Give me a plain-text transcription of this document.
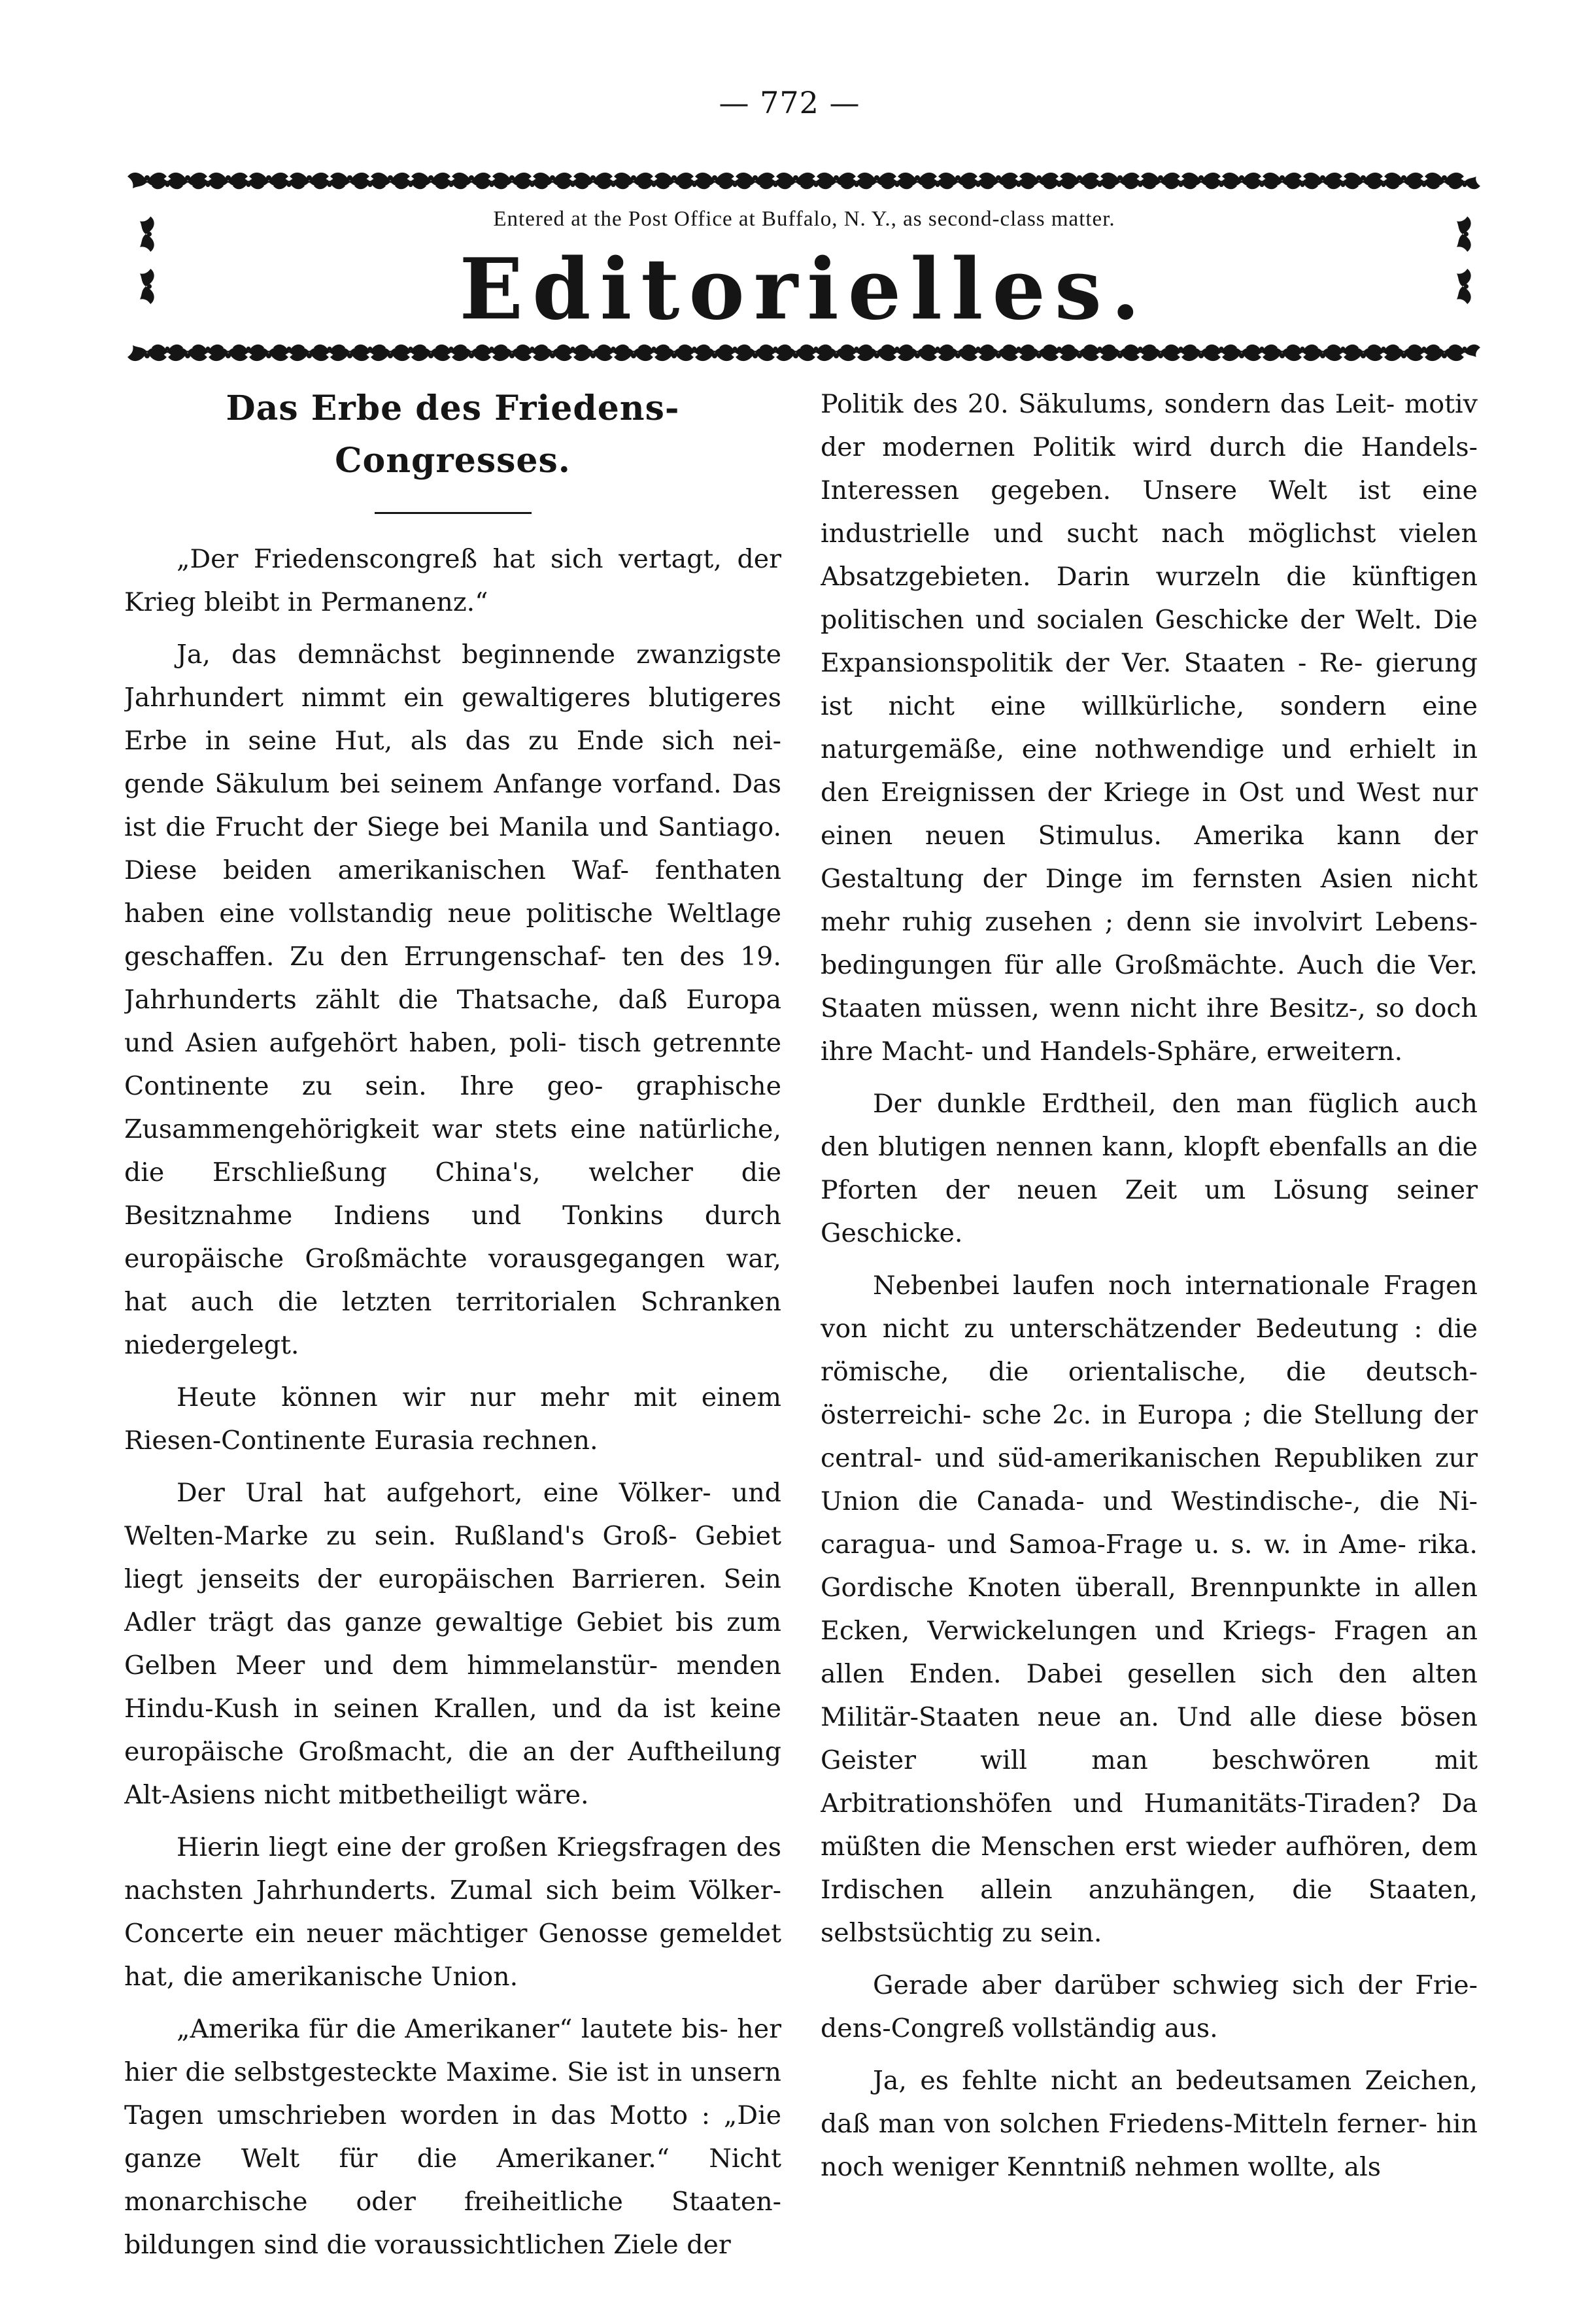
— 772 —
Entered at the Post Office at Buffalo, N. Y., as second-class matter.
Editorielles.
Das Erbe des Friedens-Congresses.

„Der Friedenscongreß hat sich vertagt, der Krieg bleibt in Permanenz.“

Ja, das demnächst beginnende zwanzigste Jahrhundert nimmt ein gewaltigeres blutigeres Erbe in seine Hut, als das zu Ende sich nei- gende Säkulum bei seinem Anfange vorfand. Das ist die Frucht der Siege bei Manila und Santiago. Diese beiden amerikanischen Waf- fenthaten haben eine vollstandig neue politische Weltlage geschaffen. Zu den Errungenschaf- ten des 19. Jahrhunderts zählt die Thatsache, daß Europa und Asien aufgehört haben, poli- tisch getrennte Continente zu sein. Ihre geo- graphische Zusammengehörigkeit war stets eine natürliche, die Erschließung China's, welcher die Besitznahme Indiens und Tonkins durch europäische Großmächte vorausgegangen war, hat auch die letzten territorialen Schranken niedergelegt.

Heute können wir nur mehr mit einem Riesen-Continente Eurasia rechnen.

Der Ural hat aufgehort, eine Völker- und Welten-Marke zu sein. Rußland's Groß- Gebiet liegt jenseits der europäischen Barrieren. Sein Adler trägt das ganze gewaltige Gebiet bis zum Gelben Meer und dem himmelanstür- menden Hindu-Kush in seinen Krallen, und da ist keine europäische Großmacht, die an der Auftheilung Alt-Asiens nicht mitbetheiligt wäre.

Hierin liegt eine der großen Kriegsfragen des nachsten Jahrhunderts. Zumal sich beim Völker-Concerte ein neuer mächtiger Genosse gemeldet hat, die amerikanische Union.

„Amerika für die Amerikaner“ lautete bis- her hier die selbstgesteckte Maxime. Sie ist in unsern Tagen umschrieben worden in das Motto : „Die ganze Welt für die Amerikaner.“ Nicht monarchische oder freiheitliche Staaten- bildungen sind die voraussichtlichen Ziele der

Politik des 20. Säkulums, sondern das Leit- motiv der modernen Politik wird durch die Handels-Interessen gegeben. Unsere Welt ist eine industrielle und sucht nach möglichst vielen Absatzgebieten. Darin wurzeln die künftigen politischen und socialen Geschicke der Welt. Die Expansionspolitik der Ver. Staaten - Re- gierung ist nicht eine willkürliche, sondern eine naturgemäße, eine nothwendige und erhielt in den Ereignissen der Kriege in Ost und West nur einen neuen Stimulus. Amerika kann der Gestaltung der Dinge im fernsten Asien nicht mehr ruhig zusehen ; denn sie involvirt Lebens- bedingungen für alle Großmächte. Auch die Ver. Staaten müssen, wenn nicht ihre Besitz-, so doch ihre Macht- und Handels-Sphäre, erweitern.

Der dunkle Erdtheil, den man füglich auch den blutigen nennen kann, klopft ebenfalls an die Pforten der neuen Zeit um Lösung seiner Geschicke.

Nebenbei laufen noch internationale Fragen von nicht zu unterschätzender Bedeutung : die römische, die orientalische, die deutsch-österreichi- sche 2c. in Europa ; die Stellung der central- und süd-amerikanischen Republiken zur Union die Canada- und Westindische-, die Ni- caragua- und Samoa-Frage u. s. w. in Ame- rika. Gordische Knoten überall, Brennpunkte in allen Ecken, Verwickelungen und Kriegs- Fragen an allen Enden. Dabei gesellen sich den alten Militär-Staaten neue an. Und alle diese bösen Geister will man beschwören mit Arbitrationshöfen und Humanitäts-Tiraden? Da müßten die Menschen erst wieder aufhören, dem Irdischen allein anzuhängen, die Staaten, selbstsüchtig zu sein.

Gerade aber darüber schwieg sich der Frie- dens-Congreß vollständig aus.

Ja, es fehlte nicht an bedeutsamen Zeichen, daß man von solchen Friedens-Mitteln ferner- hin noch weniger Kenntniß nehmen wollte, als
